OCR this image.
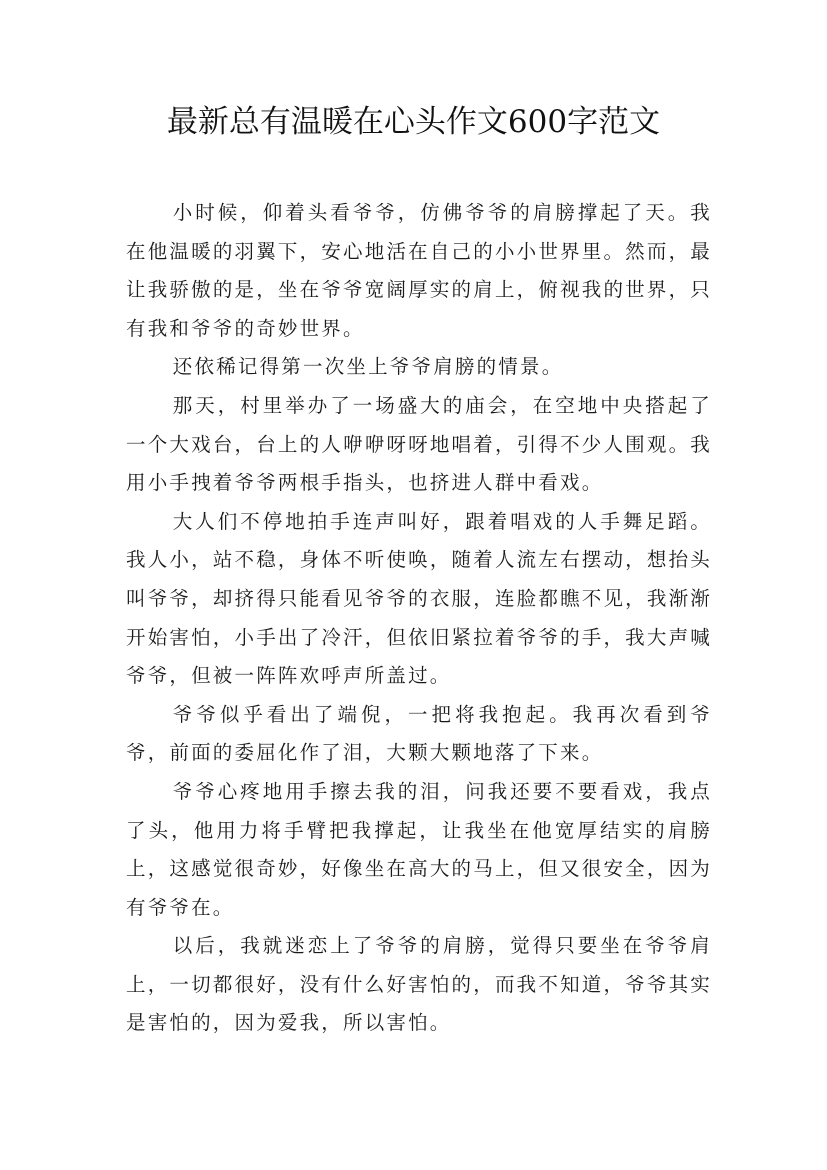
最新总有温暖在心头作文600字范文

小时候，仰着头看爷爷，仿佛爷爷的肩膀撑起了天。我在他温暖的羽翼下，安心地活在自己的小小世界里。然而，最让我骄傲的是，坐在爷爷宽阔厚实的肩上，俯视我的世界，只有我和爷爷的奇妙世界。

还依稀记得第一次坐上爷爷肩膀的情景。

那天，村里举办了一场盛大的庙会，在空地中央搭起了一个大戏台，台上的人咿咿呀呀地唱着，引得不少人围观。我用小手拽着爷爷两根手指头，也挤进人群中看戏。

大人们不停地拍手连声叫好，跟着唱戏的人手舞足蹈。我人小，站不稳，身体不听使唤，随着人流左右摆动，想抬头叫爷爷，却挤得只能看见爷爷的衣服，连脸都瞧不见，我渐渐开始害怕，小手出了冷汗，但依旧紧拉着爷爷的手，我大声喊爷爷，但被一阵阵欢呼声所盖过。

爷爷似乎看出了端倪，一把将我抱起。我再次看到爷爷，前面的委屈化作了泪，大颗大颗地落了下来。

爷爷心疼地用手擦去我的泪，问我还要不要看戏，我点了头，他用力将手臂把我撑起，让我坐在他宽厚结实的肩膀上，这感觉很奇妙，好像坐在高大的马上，但又很安全，因为有爷爷在。

以后，我就迷恋上了爷爷的肩膀，觉得只要坐在爷爷肩上，一切都很好，没有什么好害怕的，而我不知道，爷爷其实是害怕的，因为爱我，所以害怕。
